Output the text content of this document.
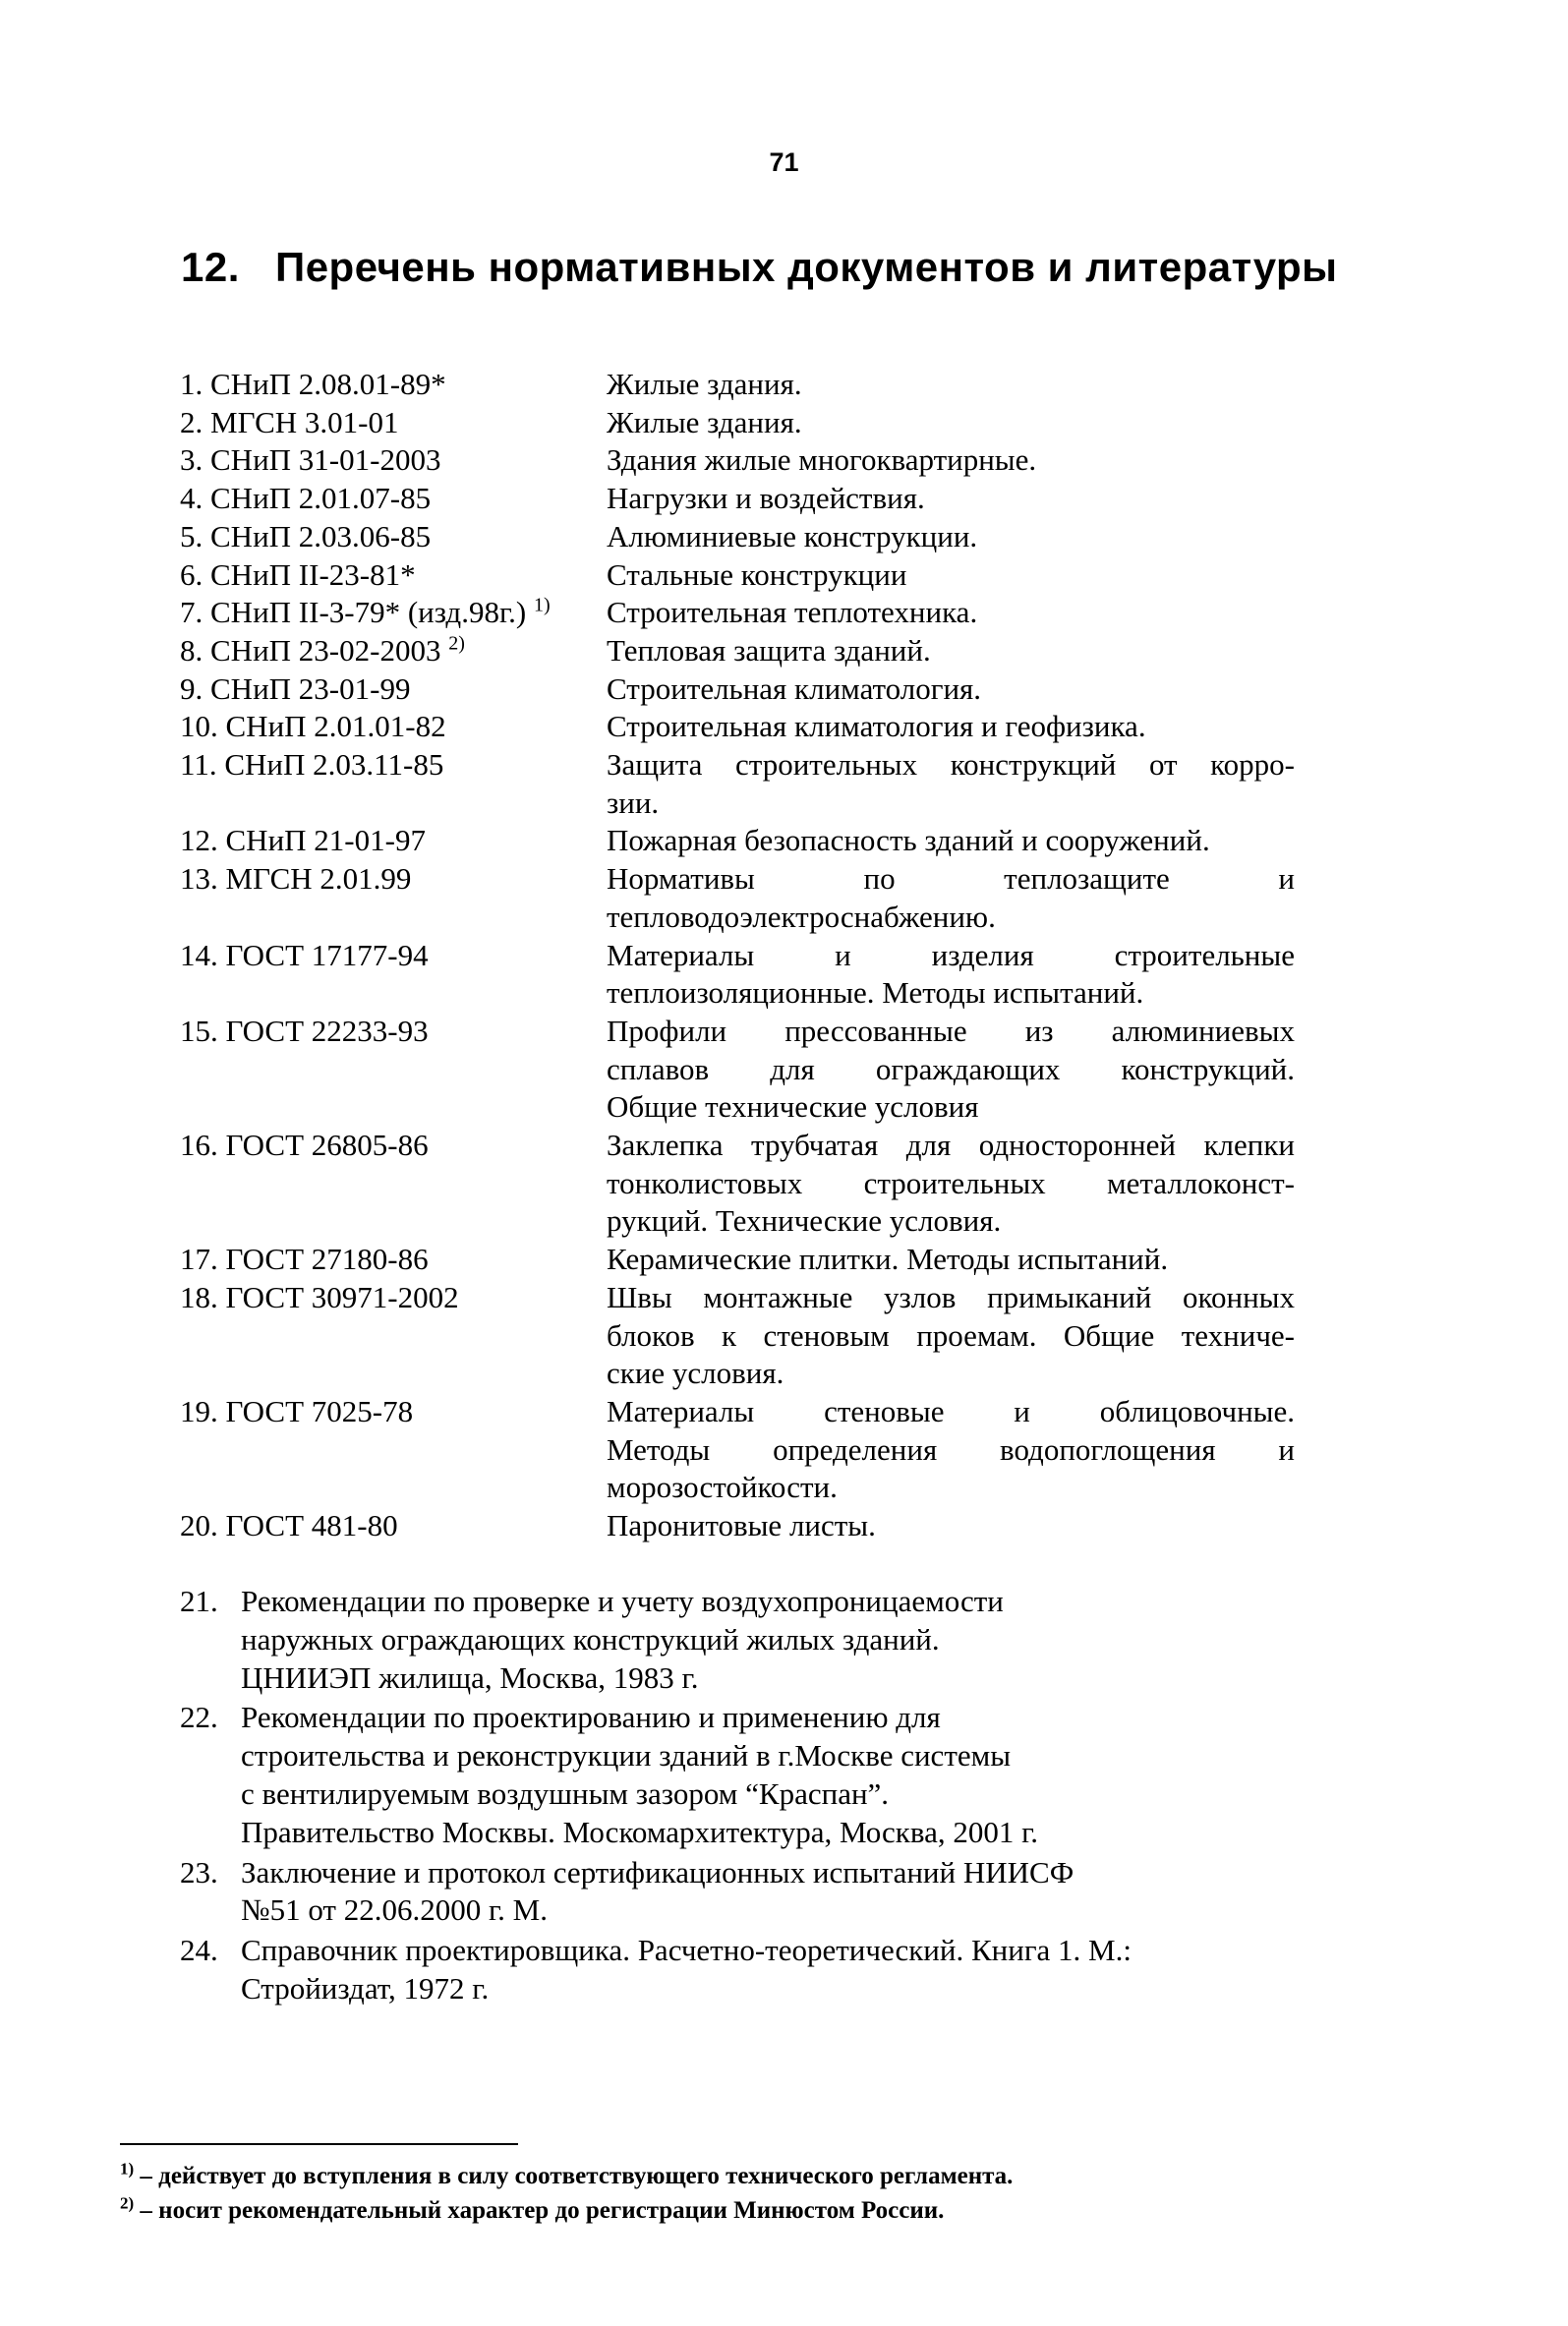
71
12. Перечень нормативных документов и литературы
1. СНиП 2.08.01-89*	Жилые здания.
2. МГСН 3.01-01	Жилые здания.
3. СНиП 31-01-2003	Здания жилые многоквартирные.
4. СНиП 2.01.07-85	Нагрузки и воздействия.
5. СНиП 2.03.06-85	Алюминиевые конструкции.
6. СНиП II-23-81*	Стальные конструкции
7. СНиП II-3-79* (изд.98г.) $^{1)}$	Строительная теплотехника.
8. СНиП 23-02-2003 $^{2)}$	Тепловая защита зданий.
9. СНиП 23-01-99	Строительная климатология.
10. СНиП 2.01.01-82	Строительная климатология и геофизика.
11. СНиП 2.03.11-85	Защита строительных конструкций от корро-
зии.
12. СНиП 21-01-97	Пожарная безопасность зданий и сооружений.
13. МГСН 2.01.99	Нормативы по теплозащите и
тепловодоэлектроснабжению.
14. ГОСТ 17177-94	Материалы и изделия строительные
теплоизоляционные. Методы испытаний.
15. ГОСТ 22233-93	Профили прессованные из алюминиевых
сплавов для ограждающих конструкций.
Общие технические условия
16. ГОСТ 26805-86	Заклепка трубчатая для односторонней клепки
тонколистовых строительных металлоконст-
рукций. Технические условия.
17. ГОСТ 27180-86	Керамические плитки. Методы испытаний.
18. ГОСТ 30971-2002	Швы монтажные узлов примыканий оконных
блоков к стеновым проемам. Общие техниче-
ские условия.
19. ГОСТ 7025-78	Материалы стеновые и облицовочные.
Методы определения водопоглощения и
морозостойкости.
20. ГОСТ 481-80	Паронитовые листы.
21. Рекомендации по проверке и учету воздухопроницаемости
наружных ограждающих конструкций жилых зданий.
ЦНИИЭП жилища, Москва, 1983 г.
22. Рекомендации по проектированию и применению для
строительства и реконструкции зданий в г.Москве системы
с вентилируемым воздушным зазором “Краспан”.
Правительство Москвы. Москомархитектура, Москва, 2001 г.
23. Заключение и протокол сертификационных испытаний НИИСФ
№51 от 22.06.2000 г. М.
24. Справочник проектировщика. Расчетно-теоретический. Книга 1. М.:
Стройиздат, 1972 г.
$^{1)}$ – действует до вступления в силу соответствующего технического регламента.
$^{2)}$ – носит рекомендательный характер до регистрации Минюстом России.
